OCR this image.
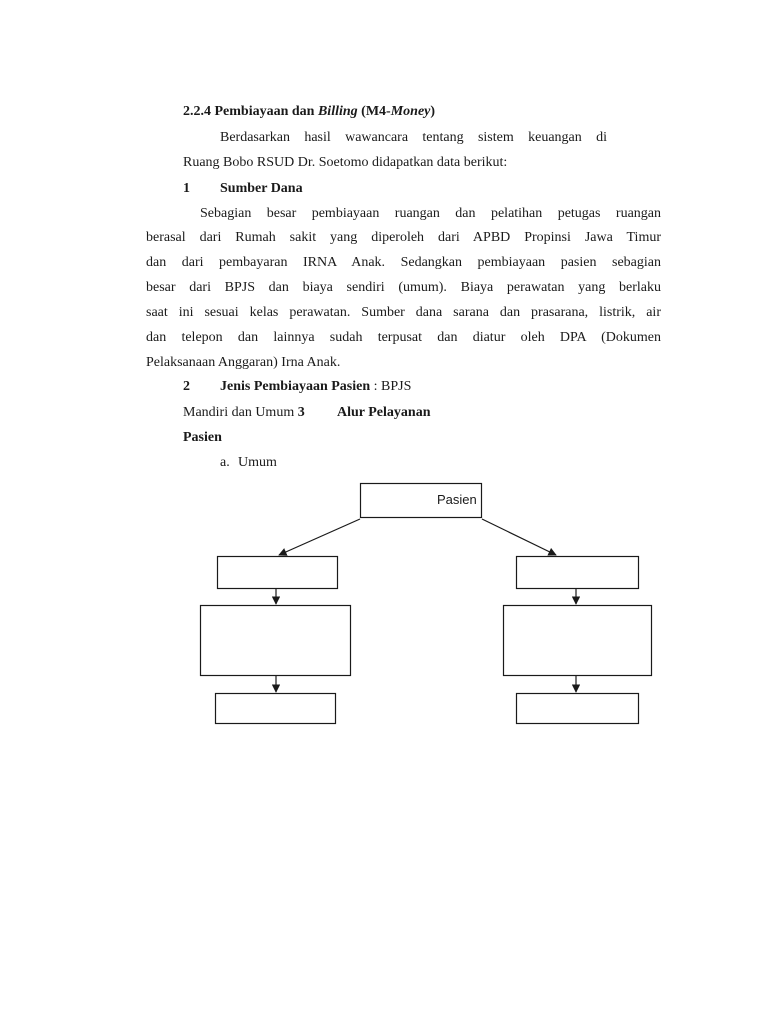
2.2.4 Pembiayaan dan Billing (M4-Money)
Berdasarkan hasil wawancara tentang sistem keuangan di
Ruang Bobo RSUD Dr. Soetomo didapatkan data berikut:
1 Sumber Dana
Sebagian besar pembiayaan ruangan dan pelatihan petugas ruangan
berasal dari Rumah sakit yang diperoleh dari APBD Propinsi Jawa Timur
dan dari pembayaran IRNA Anak. Sedangkan pembiayaan pasien sebagian
besar dari BPJS dan biaya sendiri (umum). Biaya perawatan yang berlaku
saat ini sesuai kelas perawatan. Sumber dana sarana dan prasarana, listrik, air
dan telepon dan lainnya sudah terpusat dan diatur oleh DPA (Dokumen
Pelaksanaan Anggaran) Irna Anak.
2 Jenis Pembiayaan Pasien : BPJS
Mandiri dan Umum 3 Alur Pelayanan
Pasien
a. Umum
Pasien
